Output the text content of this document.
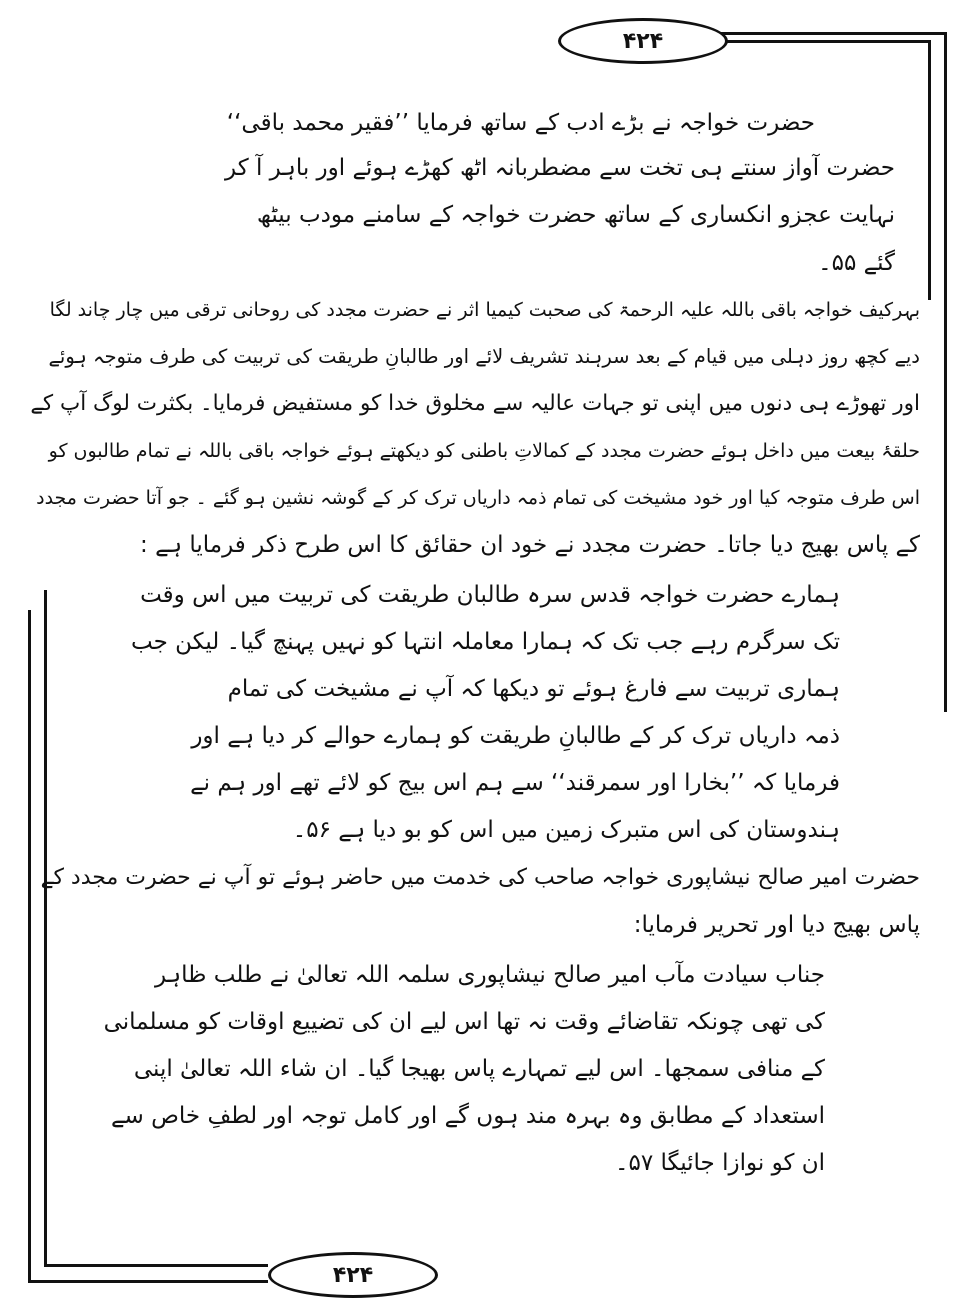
۴۲۴
۴۲۴
حضرت خواجہ نے بڑے ادب کے ساتھ فرمایا ’’فقیر محمد باقی‘‘
حضرت آواز سنتے ہی تخت سے مضطربانہ اٹھ کھڑے ہوئے اور باہر آ کر
نہایت عجزو انکساری کے ساتھ حضرت خواجہ کے سامنے مودب بیٹھ
گئے ۵۵۔
بہرکیف خواجہ باقی باللہ علیہ الرحمۃ کی صحبت کیمیا اثر نے حضرت مجدد کی روحانی ترقی میں چار چاند لگا
دیے کچھ روز دہلی میں قیام کے بعد سرہند تشریف لائے اور طالبانِ طریقت کی تربیت کی طرف متوجہ ہوئے
اور تھوڑے ہی دنوں میں اپنی تو جہات عالیہ سے مخلوق خدا کو مستفیض فرمایا۔ بکثرت لوگ آپ کے
حلقۂ بیعت میں داخل ہوئے حضرت مجدد کے کمالاتِ باطنی کو دیکھتے ہوئے خواجہ باقی باللہ نے تمام طالبوں کو
اس طرف متوجہ کیا اور خود مشیخت کی تمام ذمہ داریاں ترک کر کے گوشہ نشین ہو گئے ۔ جو آتا حضرت مجدد
کے پاس بھیج دیا جاتا۔ حضرت مجدد نے خود ان حقائق کا اس طرح ذکر فرمایا ہے :
ہمارے حضرت خواجہ قدس سرہ طالبان طریقت کی تربیت میں اس وقت
تک سرگرم رہے جب تک کہ ہمارا معاملہ انتہا کو نہیں پہنچ گیا۔ لیکن جب
ہماری تربیت سے فارغ ہوئے تو دیکھا کہ آپ نے مشیخت کی تمام
ذمہ داریاں ترک کر کے طالبانِ طریقت کو ہمارے حوالے کر دیا ہے اور
فرمایا کہ ’’بخارا اور سمرقند‘‘ سے ہم اس بیج کو لائے تھے اور ہم نے
ہندوستان کی اس متبرک زمین میں اس کو بو دیا ہے ۵۶۔
حضرت امیر صالح نیشاپوری خواجہ صاحب کی خدمت میں حاضر ہوئے تو آپ نے حضرت مجدد کے
پاس بھیج دیا اور تحریر فرمایا:
جناب سیادت مآب امیر صالح نیشاپوری سلمہ اللہ تعالیٰ نے طلب ظاہر
کی تھی چونکہ تقاضائے وقت نہ تھا اس لیے ان کی تضییع اوقات کو مسلمانی
کے منافی سمجھا۔ اس لیے تمہارے پاس بھیجا گیا۔ ان شاء اللہ تعالیٰ اپنی
استعداد کے مطابق وہ بہرہ مند ہوں گے اور کامل توجہ اور لطفِ خاص سے
ان کو نوازا جائیگا ۵۷۔
